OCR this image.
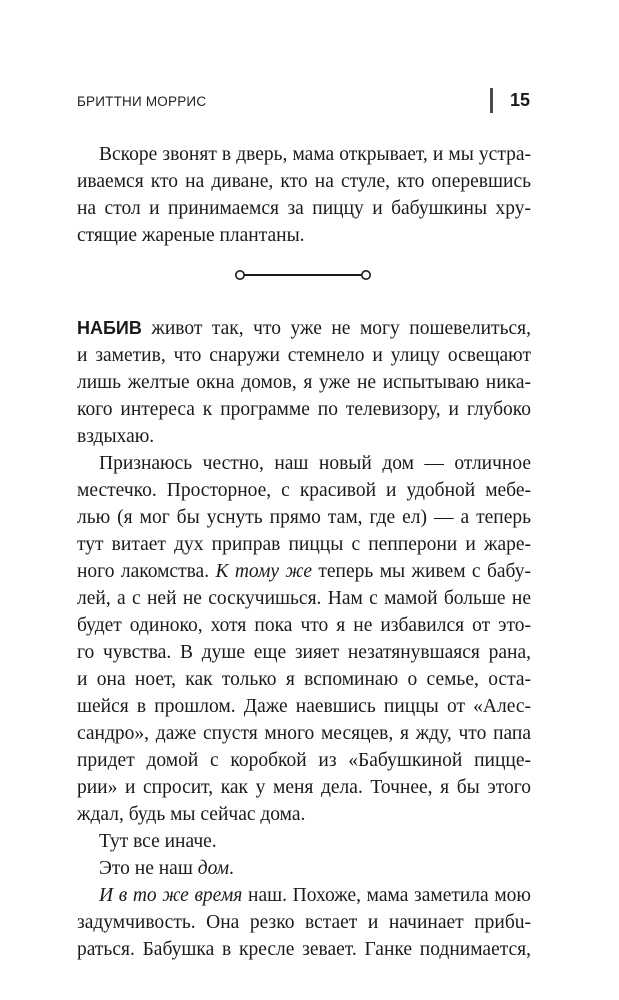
БРИТТНИ МОРРИС	15
Вскоре звонят в дверь, мама открывает, и мы устра-
иваемся кто на диване, кто на стуле, кто оперевшись
на стол и принимаемся за пиццу и бабушкины хру-
стящие жареные плантаны.
НАБИВ живот так, что уже не могу пошевелиться,
и заметив, что снаружи стемнело и улицу освещают
лишь желтые окна домов, я уже не испытываю ника-
кого интереса к программе по телевизору, и глубоко
вздыхаю.
Признаюсь честно, наш новый дом — отличное
местечко. Просторное, с красивой и удобной мебе-
лью (я мог бы уснуть прямо там, где ел) — а теперь
тут витает дух приправ пиццы с пепперони и жаре-
ного лакомства. К тому же теперь мы живем с бабу-
лей, а с ней не соскучишься. Нам с мамой больше не
будет одиноко, хотя пока что я не избавился от это-
го чувства. В душе еще зияет незатянувшаяся рана,
и она ноет, как только я вспоминаю о семье, оста-
шейся в прошлом. Даже наевшись пиццы от «Алес-
сандро», даже спустя много месяцев, я жду, что папа
придет домой с коробкой из «Бабушкиной пиццe-
рии» и спросит, как у меня дела. Точнее, я бы этого
ждал, будь мы сейчас дома.
Тут все иначе.
Это не наш дом.
И в то же время наш. Похоже, мама заметила мою
задумчивость. Она резко встает и начинает прибu-
раться. Бабушка в кресле зевает. Ганке поднимается,
